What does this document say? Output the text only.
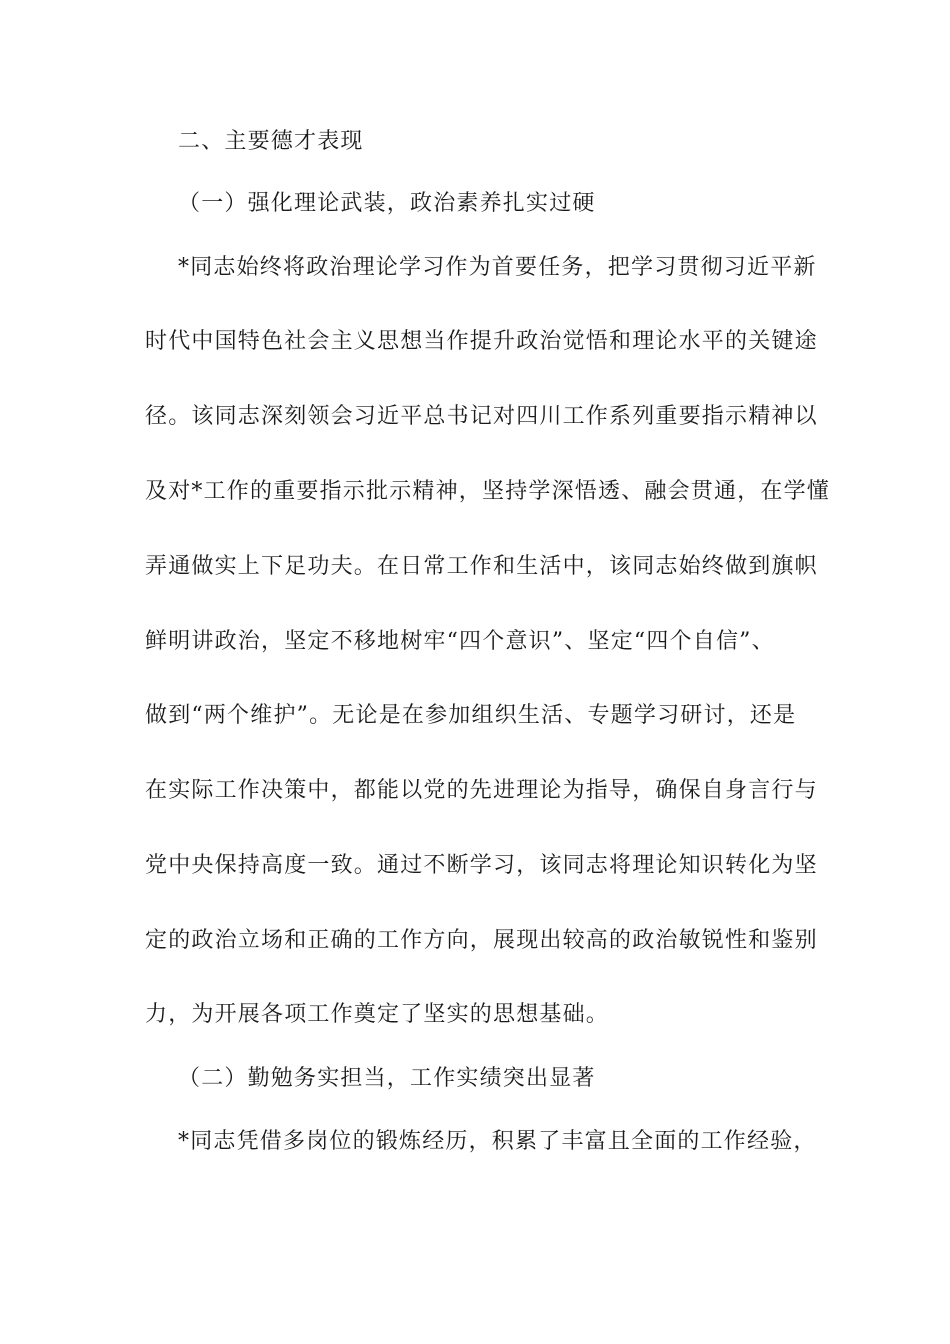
二、主要德才表现
（一）强化理论武装，政治素养扎实过硬
*同志始终将政治理论学习作为首要任务，把学习贯彻习近平新
时代中国特色社会主义思想当作提升政治觉悟和理论水平的关键途
径。该同志深刻领会习近平总书记对四川工作系列重要指示精神以
及对*工作的重要指示批示精神，坚持学深悟透、融会贯通，在学懂
弄通做实上下足功夫。在日常工作和生活中，该同志始终做到旗帜
鲜明讲政治，坚定不移地树牢“四个意识”、坚定“四个自信”、
做到“两个维护”。无论是在参加组织生活、专题学习研讨，还是
在实际工作决策中，都能以党的先进理论为指导，确保自身言行与
党中央保持高度一致。通过不断学习，该同志将理论知识转化为坚
定的政治立场和正确的工作方向，展现出较高的政治敏锐性和鉴别
力，为开展各项工作奠定了坚实的思想基础。
（二）勤勉务实担当，工作实绩突出显著
*同志凭借多岗位的锻炼经历，积累了丰富且全面的工作经验，
